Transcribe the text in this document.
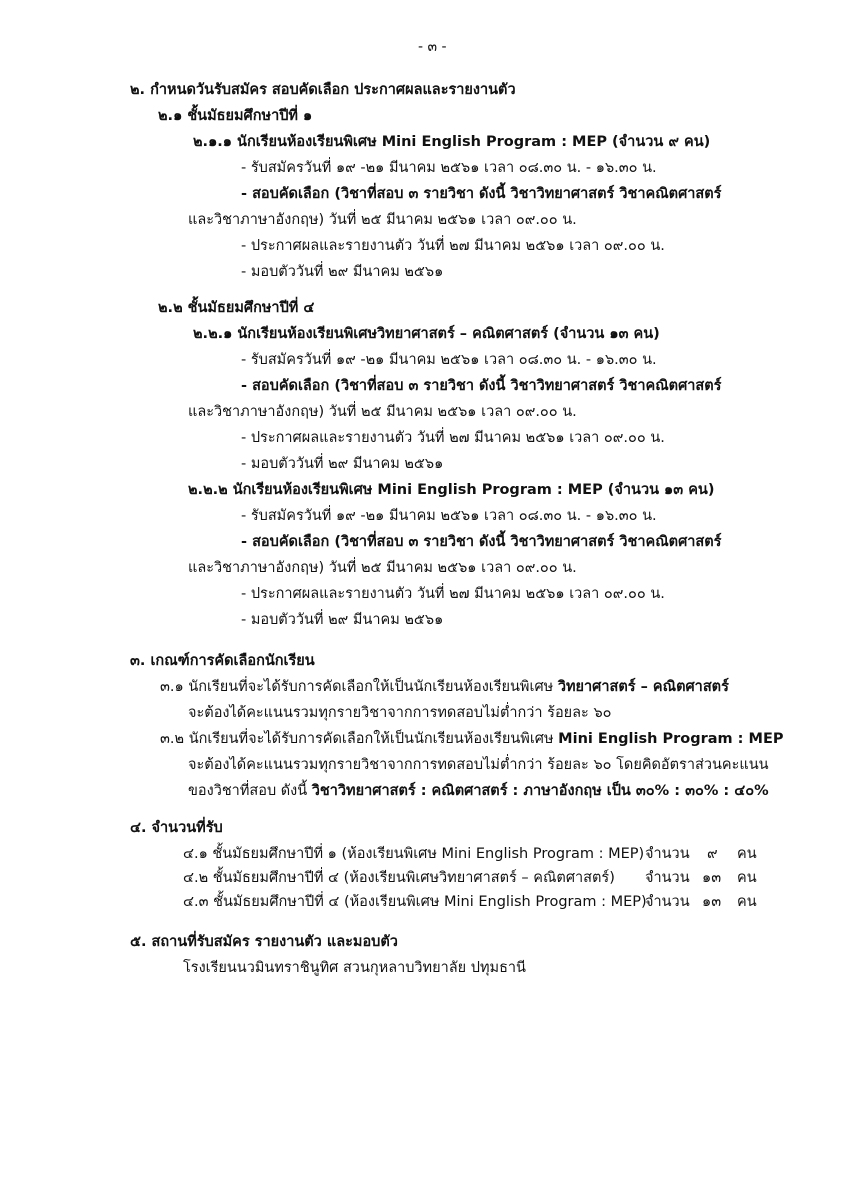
- ๓ -
๒. กำหนดวันรับสมัคร สอบคัดเลือก ประกาศผลและรายงานตัว
๒.๑ ชั้นมัธยมศึกษาปีที่ ๑
๒.๑.๑ นักเรียนห้องเรียนพิเศษ Mini English Program : MEP (จำนวน ๙ คน)
- รับสมัครวันที่ ๑๙ -๒๑ มีนาคม ๒๕๖๑ เวลา ๐๘.๓๐ น. - ๑๖.๓๐ น.
- สอบคัดเลือก (วิชาที่สอบ ๓ รายวิชา ดังนี้ วิชาวิทยาศาสตร์ วิชาคณิตศาสตร์
และวิชาภาษาอังกฤษ) วันที่ ๒๕ มีนาคม ๒๕๖๑ เวลา ๐๙.๐๐ น.
- ประกาศผลและรายงานตัว วันที่ ๒๗ มีนาคม ๒๕๖๑ เวลา ๐๙.๐๐ น.
- มอบตัววันที่ ๒๙ มีนาคม ๒๕๖๑
๒.๒ ชั้นมัธยมศึกษาปีที่ ๔
๒.๒.๑ นักเรียนห้องเรียนพิเศษวิทยาศาสตร์ – คณิตศาสตร์ (จำนวน ๑๓ คน)
- รับสมัครวันที่ ๑๙ -๒๑ มีนาคม ๒๕๖๑ เวลา ๐๘.๓๐ น. - ๑๖.๓๐ น.
- สอบคัดเลือก (วิชาที่สอบ ๓ รายวิชา ดังนี้ วิชาวิทยาศาสตร์ วิชาคณิตศาสตร์
และวิชาภาษาอังกฤษ) วันที่ ๒๕ มีนาคม ๒๕๖๑ เวลา ๐๙.๐๐ น.
- ประกาศผลและรายงานตัว วันที่ ๒๗ มีนาคม ๒๕๖๑ เวลา ๐๙.๐๐ น.
- มอบตัววันที่ ๒๙ มีนาคม ๒๕๖๑
๒.๒.๒ นักเรียนห้องเรียนพิเศษ Mini English Program : MEP (จำนวน ๑๓ คน)
- รับสมัครวันที่ ๑๙ -๒๑ มีนาคม ๒๕๖๑ เวลา ๐๘.๓๐ น. - ๑๖.๓๐ น.
- สอบคัดเลือก (วิชาที่สอบ ๓ รายวิชา ดังนี้ วิชาวิทยาศาสตร์ วิชาคณิตศาสตร์
และวิชาภาษาอังกฤษ) วันที่ ๒๕ มีนาคม ๒๕๖๑ เวลา ๐๙.๐๐ น.
- ประกาศผลและรายงานตัว วันที่ ๒๗ มีนาคม ๒๕๖๑ เวลา ๐๙.๐๐ น.
- มอบตัววันที่ ๒๙ มีนาคม ๒๕๖๑
๓. เกณฑ์การคัดเลือกนักเรียน
๓.๑ นักเรียนที่จะได้รับการคัดเลือกให้เป็นนักเรียนห้องเรียนพิเศษ วิทยาศาสตร์ – คณิตศาสตร์
จะต้องได้คะแนนรวมทุกรายวิชาจากการทดสอบไม่ต่ำกว่า ร้อยละ ๖๐
๓.๒ นักเรียนที่จะได้รับการคัดเลือกให้เป็นนักเรียนห้องเรียนพิเศษ Mini English Program : MEP
จะต้องได้คะแนนรวมทุกรายวิชาจากการทดสอบไม่ต่ำกว่า ร้อยละ ๖๐ โดยคิดอัตราส่วนคะแนน
ของวิชาที่สอบ ดังนี้ วิชาวิทยาศาสตร์ : คณิตศาสตร์ : ภาษาอังกฤษ เป็น ๓๐% : ๓๐% : ๔๐%
๔. จำนวนที่รับ
๔.๑ ชั้นมัธยมศึกษาปีที่ ๑ (ห้องเรียนพิเศษ Mini English Program : MEP) จำนวน ๙ คน
๔.๒ ชั้นมัธยมศึกษาปีที่ ๔ (ห้องเรียนพิเศษวิทยาศาสตร์ – คณิตศาสตร์) จำนวน ๑๓ คน
๔.๓ ชั้นมัธยมศึกษาปีที่ ๔ (ห้องเรียนพิเศษ Mini English Program : MEP)
จำนวน ๑๓ คน
๕. สถานที่รับสมัคร รายงานตัว และมอบตัว
โรงเรียนนวมินทราชินูทิศ สวนกุหลาบวิทยาลัย ปทุมธานี
